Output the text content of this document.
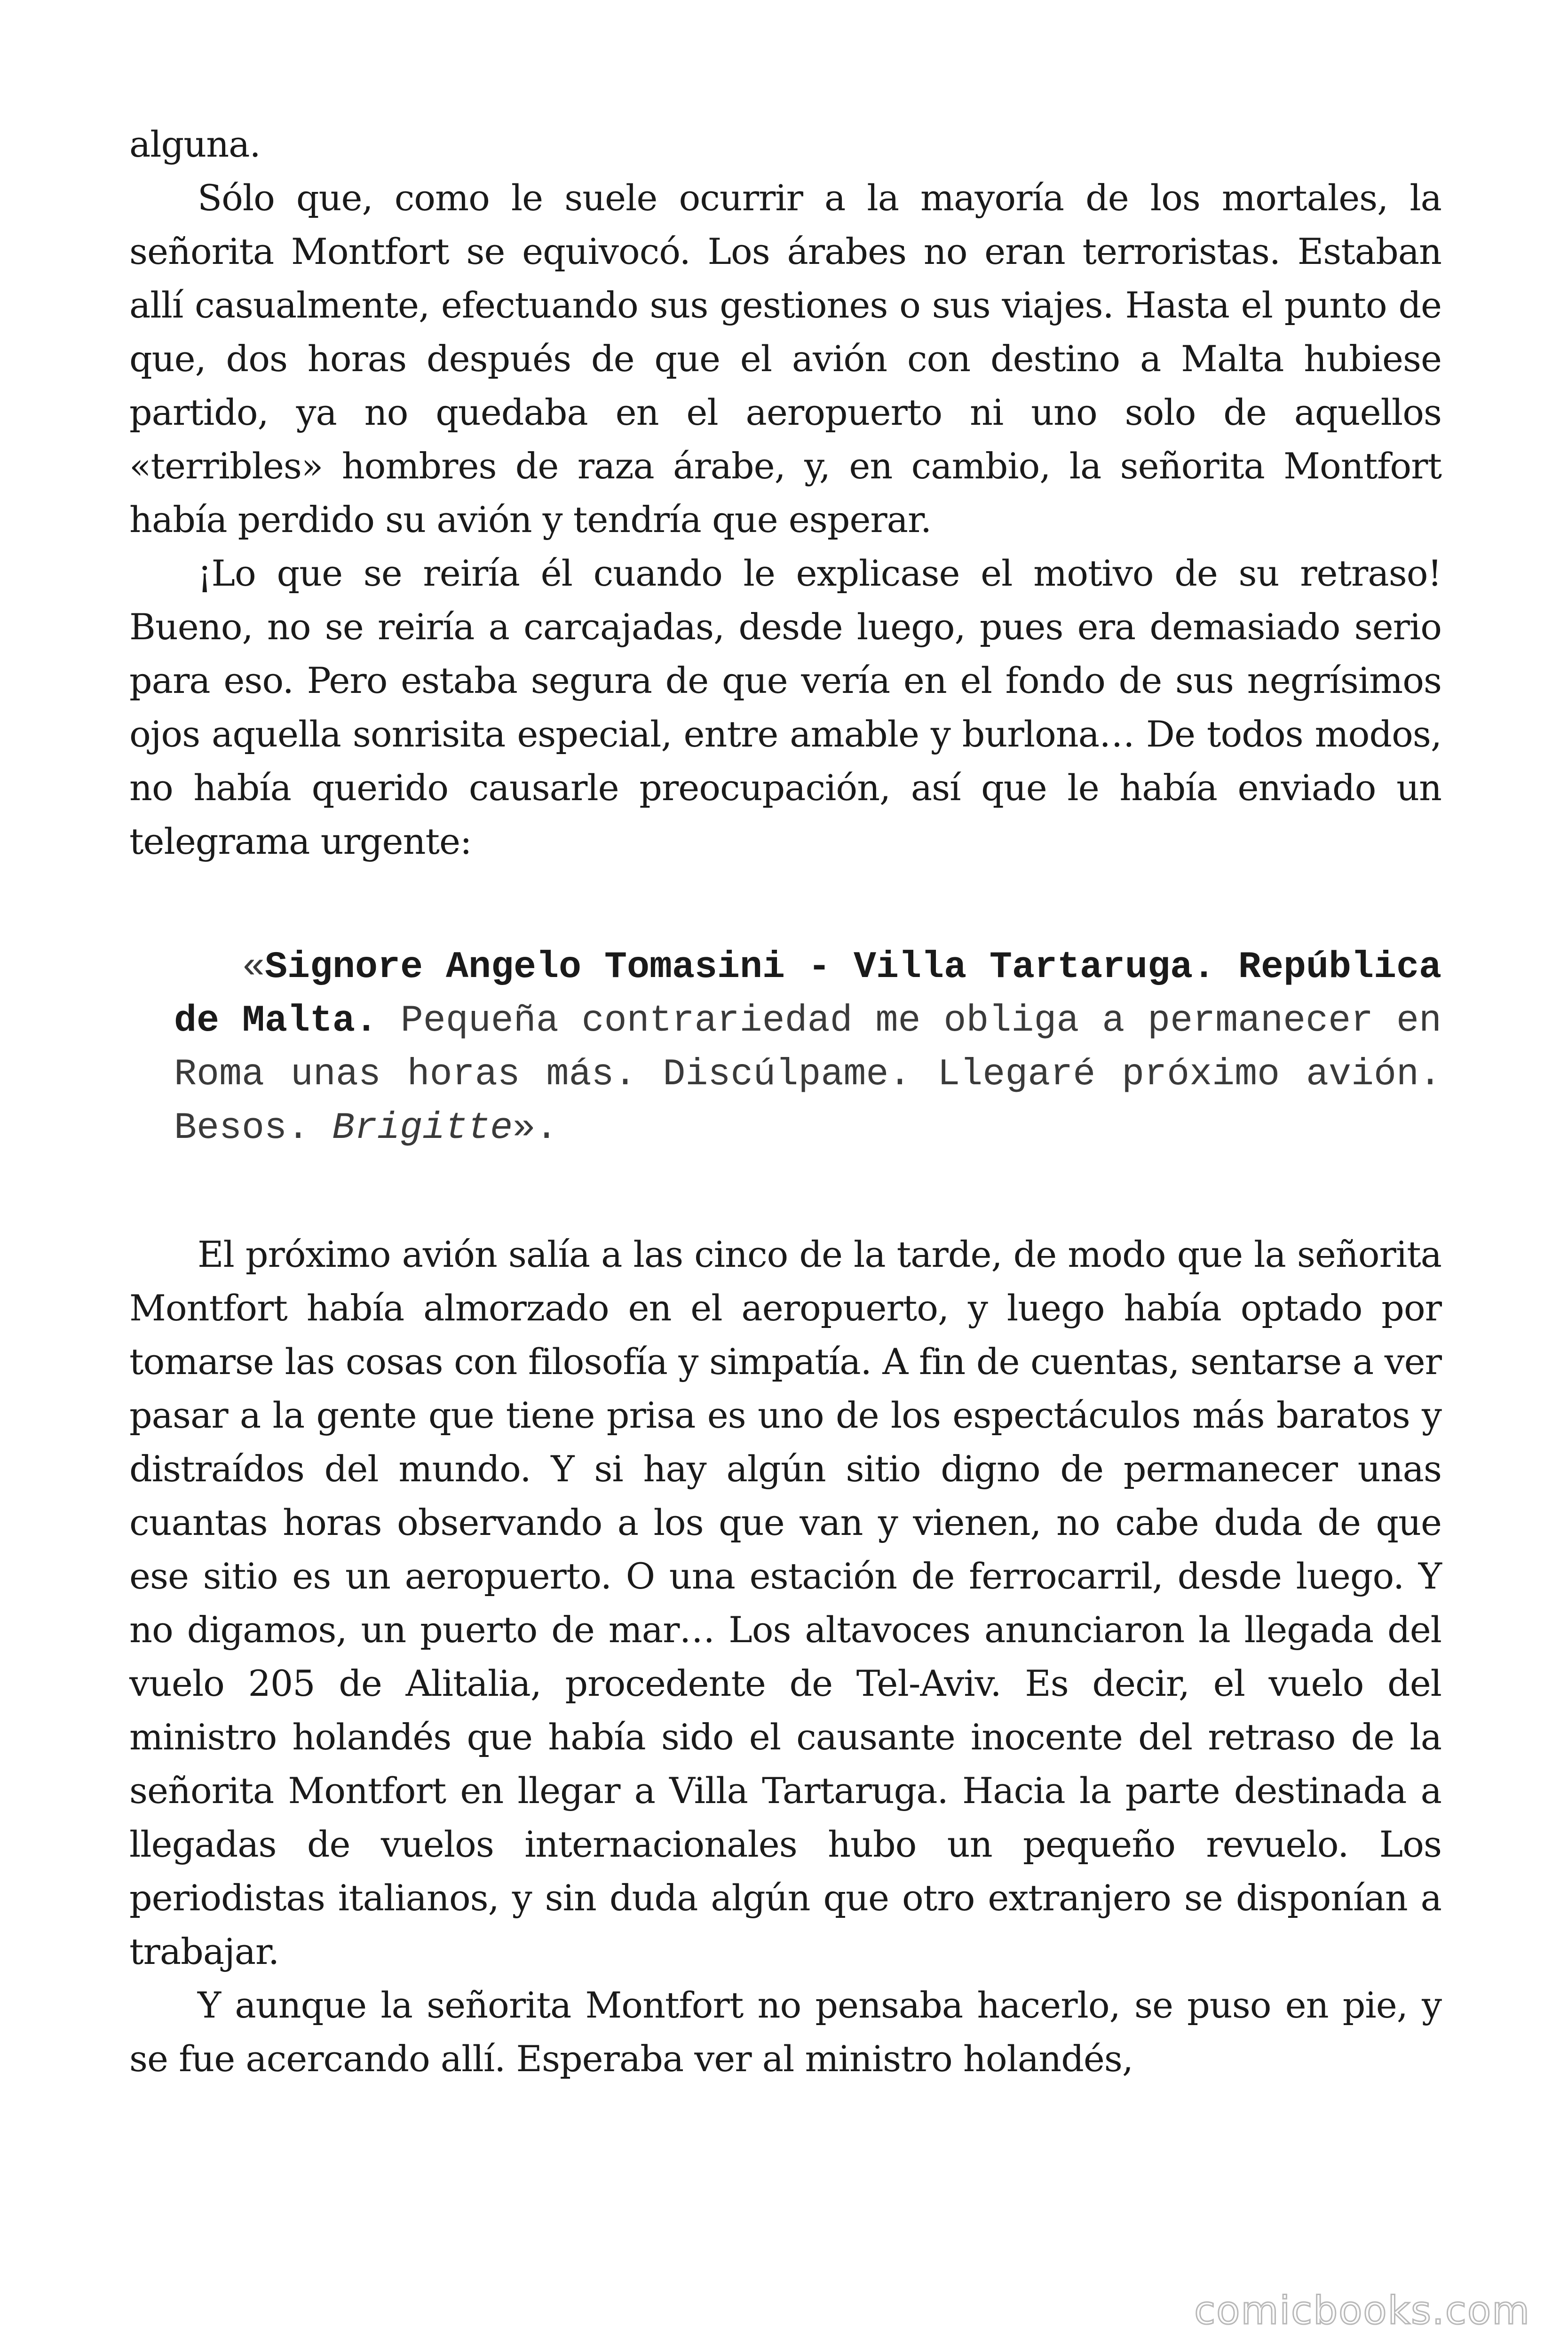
alguna.

Sólo que, como le suele ocurrir a la mayoría de los mortales, la señorita Montfort se equivocó. Los árabes no eran terroristas. Estaban allí casualmente, efectuando sus gestiones o sus viajes. Hasta el punto de que, dos horas después de que el avión con destino a Malta hubiese partido, ya no quedaba en el aeropuerto ni uno solo de aquellos «terribles» hombres de raza árabe, y, en cambio, la señorita Montfort había perdido su avión y tendría que esperar.

¡Lo que se reiría él cuando le explicase el motivo de su retraso! Bueno, no se reiría a carcajadas, desde luego, pues era demasiado serio para eso. Pero estaba segura de que vería en el fondo de sus negrísimos ojos aquella sonrisita especial, entre amable y burlona… De todos modos, no había querido causarle preocupación, así que le había enviado un telegrama urgente:

«Signore Angelo Tomasini - Villa Tartaruga. República de Malta. Pequeña contrariedad me obliga a permanecer en Roma unas horas más. Discúlpame. Llegaré próximo avión. Besos. Brigitte».

El próximo avión salía a las cinco de la tarde, de modo que la señorita Montfort había almorzado en el aeropuerto, y luego había optado por tomarse las cosas con filosofía y simpatía. A fin de cuentas, sentarse a ver pasar a la gente que tiene prisa es uno de los espectáculos más baratos y distraídos del mundo. Y si hay algún sitio digno de permanecer unas cuantas horas observando a los que van y vienen, no cabe duda de que ese sitio es un aeropuerto. O una estación de ferrocarril, desde luego. Y no digamos, un puerto de mar… Los altavoces anunciaron la llegada del vuelo 205 de Alitalia, procedente de Tel-Aviv. Es decir, el vuelo del ministro holandés que había sido el causante inocente del retraso de la señorita Montfort en llegar a Villa Tartaruga. Hacia la parte destinada a llegadas de vuelos internacionales hubo un pequeño revuelo. Los periodistas italianos, y sin duda algún que otro extranjero se disponían a trabajar.

Y aunque la señorita Montfort no pensaba hacerlo, se puso en pie, y se fue acercando allí. Esperaba ver al ministro holandés,

comicbooks.com
